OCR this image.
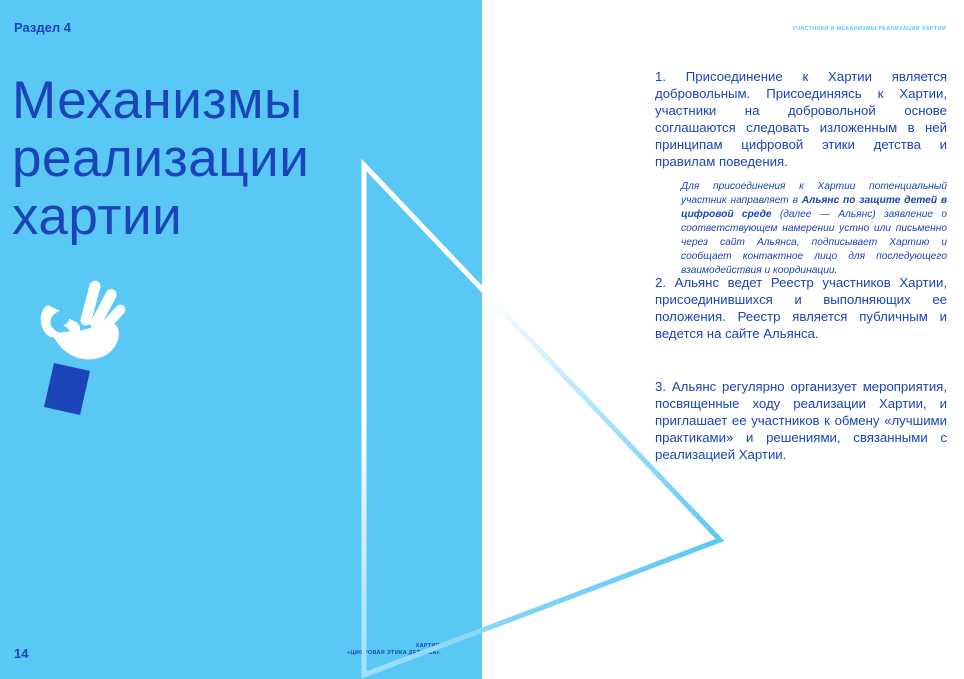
Раздел 4
Механизмы
реализации
хартии
14	ХАРТИЯ
«ЦИФРОВАЯ ЭТИКА ДЕТСТВА»
УЧАСТНИКИ И МЕХАНИЗМЫ РЕАЛИЗАЦИИ ХАРТИИ
1. Присоединение к Хартии является добровольным. Присоединяясь к Хартии, участники на добровольной основе соглашаются следовать изложенным в ней принципам цифровой этики детства и правилам поведения.
Для присоединения к Хартии потенциальный участник направляет в Альянс по защите детей в цифровой среде (далее — Альянс) заявление о соответствующем намерении устно или письменно через сайт Альянса, подписывает Хартию и сообщает контактное лицо для последующего взаимодействия и координации.
2. Альянс ведет Реестр участников Хартии, присоединившихся и выполняющих ее положения. Реестр является публичным и ведется на сайте Альянса.
3. Альянс регулярно организует мероприятия, посвященные ходу реализации Хартии, и приглашает ее участников к обмену «лучшими практиками» и решениями, связанными с реализацией Хартии.
